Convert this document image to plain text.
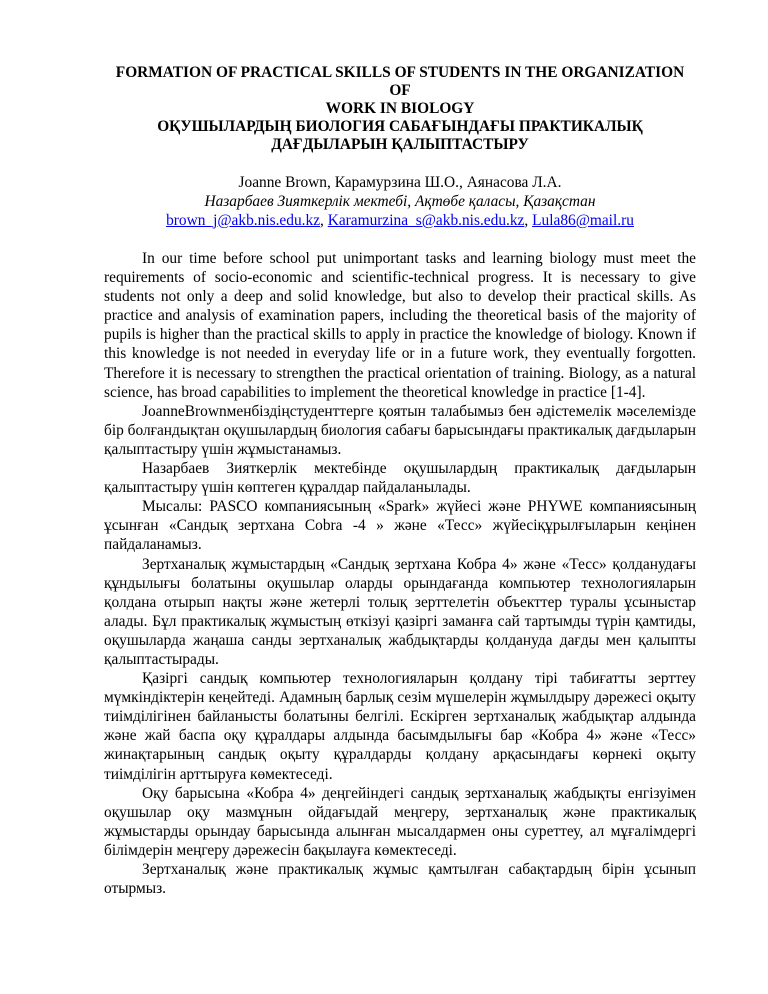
FORMATION OF PRACTICAL SKILLS OF STUDENTS IN THE ORGANIZATION OF
WORK IN BIOLOGY
ОҚУШЫЛАРДЫҢ БИОЛОГИЯ САБАҒЫНДАҒЫ ПРАКТИКАЛЫҚ
ДАҒДЫЛАРЫН ҚАЛЫПТАСТЫРУ
Joanne Brown, Карамурзина Ш.О., Аянасова Л.А.
Назарбаев Зияткерлік мектебі, Ақтөбе қаласы, Қазақстан
brown_j@akb.nis.edu.kz, Karamurzina_s@akb.nis.edu.kz, Lula86@mail.ru

In our time before school put unimportant tasks and learning biology must meet the requirements of socio-economic and scientific-technical progress. It is necessary to give students not only a deep and solid knowledge, but also to develop their practical skills. As practice and analysis of examination papers, including the theoretical basis of the majority of pupils is higher than the practical skills to apply in practice the knowledge of biology. Known if this knowledge is not needed in everyday life or in a future work, they eventually forgotten. Therefore it is necessary to strengthen the practical orientation of training. Biology, as a natural science, has broad capabilities to implement the theoretical knowledge in practice [1-4].

JoanneBrownменбiздiңстуденттерге қоятын талабымыз бен әдiстемелiк мәселемiзде бiр болғандықтан оқушылардың биология сабағы барысындағы практикалық дағдыларын қалыптастыру үшiн жұмыстанамыз.

Назарбаев Зияткерлiк мектебiнде оқушылардың практикалық дағдыларын қалыптастыру үшiн көптеген құралдар пайдаланылады.

Мысалы: PASCO компаниясының «Spark» жүйесi және PHYWE компаниясының ұсынған «Сандық зертхана Cobra -4 » және «Тесс» жүйесiқұрылғыларын кеңiнен пайдаланамыз.

Зертханалық жұмыстардың «Сандық зертхана Кобра 4» және «Тесс» қолданудағы құндылығы болатыны оқушылар оларды орындағанда компьютер технологияларын қолдана отырып нақты және жетерлi толық зерттелетiн объекттер туралы ұсыныстар алады. Бұл практикалық жұмыстың өткiзуi қазiргi заманға сай тартымды түрiн қамтиды, оқушыларда жаңаша санды зертханалық жабдықтарды қолдануда дағды мен қалыпты қалыптастырады.

Қазiргi сандық компьютер технологияларын қолдану тiрi табиғатты зерттеу мүмкiндiктерiн кеңейтедi. Адамның барлық сезiм мүшелерiн жұмылдыру дәрежесi оқыту тиiмдiлiгiнен байланысты болатыны белгiлi. Ескiрген зертханалық жабдықтар алдында және жай баспа оқу құралдары алдында басымдылығы бар «Кобра 4» және «Тесс» жинақтарының сандық оқыту құралдарды қолдану арқасындағы көрнекi оқыту тиiмдiлiгiн арттыруға көмектеседi.

Оқу барысына «Кобра 4» деңгейiндегi сандық зертханалық жабдықты енгiзуiмен оқушылар оқу мазмұнын ойдағыдай меңгеру, зертханалық және практикалық жұмыстарды орындау барысында алынған мысалдармен оны суреттеу, ал мұғалiмдергi бiлiмдерiн меңгеру дәрежесiн бақылауға көмектеседi.

Зертханалық және практикалық жұмыс қамтылған сабақтардың бiрiн ұсынып отырмыз.
